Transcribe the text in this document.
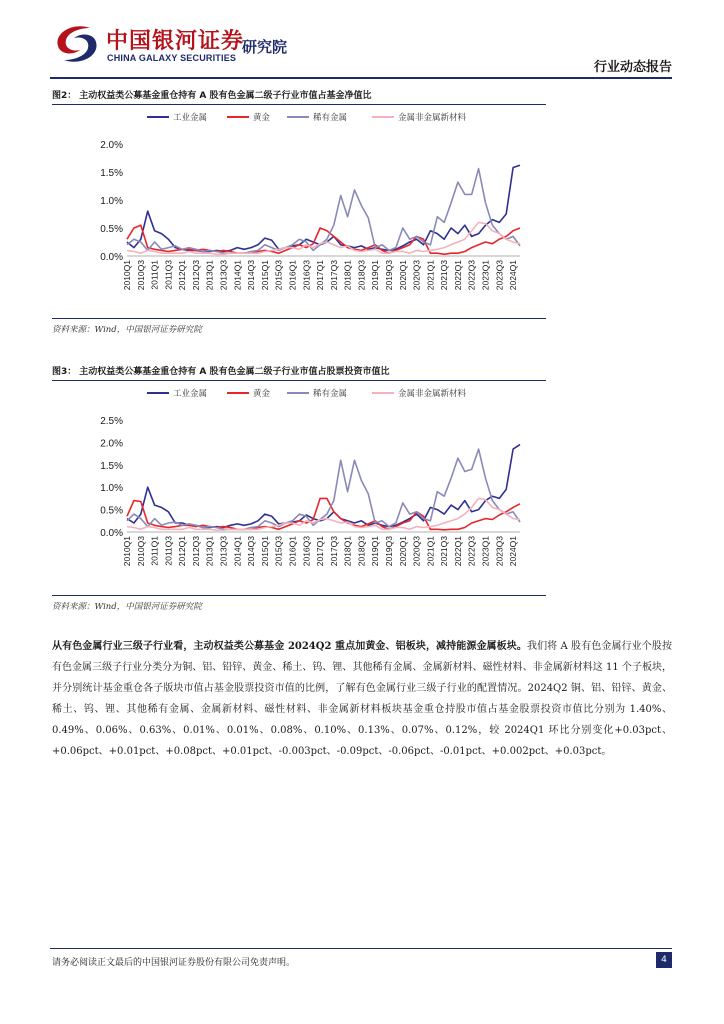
中国银河证券
CHINA GALAXY SECURITIES
研究院
行业动态报告
图2： 主动权益类公募基金重仓持有 A 股有色金属二级子行业市值占基金净值比
工业金属	黄金	稀有金属	金属非金属新材料
0.0%
0.5%
1.0%
1.5%
2.0%
2010Q1 2010Q3 2011Q1 2011Q3 2012Q1 2012Q3 2013Q1 2013Q3 2014Q1 2014Q3 2015Q1 2015Q3 2016Q1 2016Q3 2017Q1 2017Q3 2018Q1 2018Q3 2019Q1 2019Q3 2020Q1 2020Q3 2021Q1 2021Q3 2022Q1 2022Q3 2023Q1 2023Q3 2024Q1
资料来源：Wind，中国银河证券研究院
图3： 主动权益类公募基金重仓持有 A 股有色金属二级子行业市值占股票投资市值比
工业金属	黄金	稀有金属	金属非金属新材料
0.0%
0.5%
1.0%
1.5%
2.0%
2.5%
2010Q1 2010Q3 2011Q1 2011Q3 2012Q1 2012Q3 2013Q1 2013Q3 2014Q1 2014Q3 2015Q1 2015Q3 2016Q1 2016Q3 2017Q1 2017Q3 2018Q1 2018Q3 2019Q1 2019Q3 2020Q1 2020Q3 2021Q1 2021Q3 2022Q1 2022Q3 2023Q1 2023Q3 2024Q1
资料来源：Wind，中国银河证券研究院
从有色金属行业三级子行业看，主动权益类公募基金 2024Q2 重点加黄金、铝板块，减持能源金属板块。我们将 A 股有色金属行业个股按有色金属三级子行业分类分为铜、铝、铅锌、黄金、稀土、钨、锂、其他稀有金属、金属新材料、磁性材料、非金属新材料这 11 个子板块，并分别统计基金重仓各子版块市值占基金股票投资市值的比例，了解有色金属行业三级子行业的配置情况。2024Q2 铜、铝、铅锌、黄金、稀土、钨、锂、其他稀有金属、金属新材料、磁性材料、非金属新材料板块基金重仓持股市值占基金股票投资市值比分别为 1.40%、0.49%、0.06%、0.63%、0.01%、0.01%、0.08%、0.10%、0.13%、0.07%、0.12%，较 2024Q1 环比分别变化+0.03pct、+0.06pct、+0.01pct、+0.08pct、+0.01pct、-0.003pct、-0.09pct、-0.06pct、-0.01pct、+0.002pct、+0.03pct。
请务必阅读正文最后的中国银河证券股份有限公司免责声明。	4
